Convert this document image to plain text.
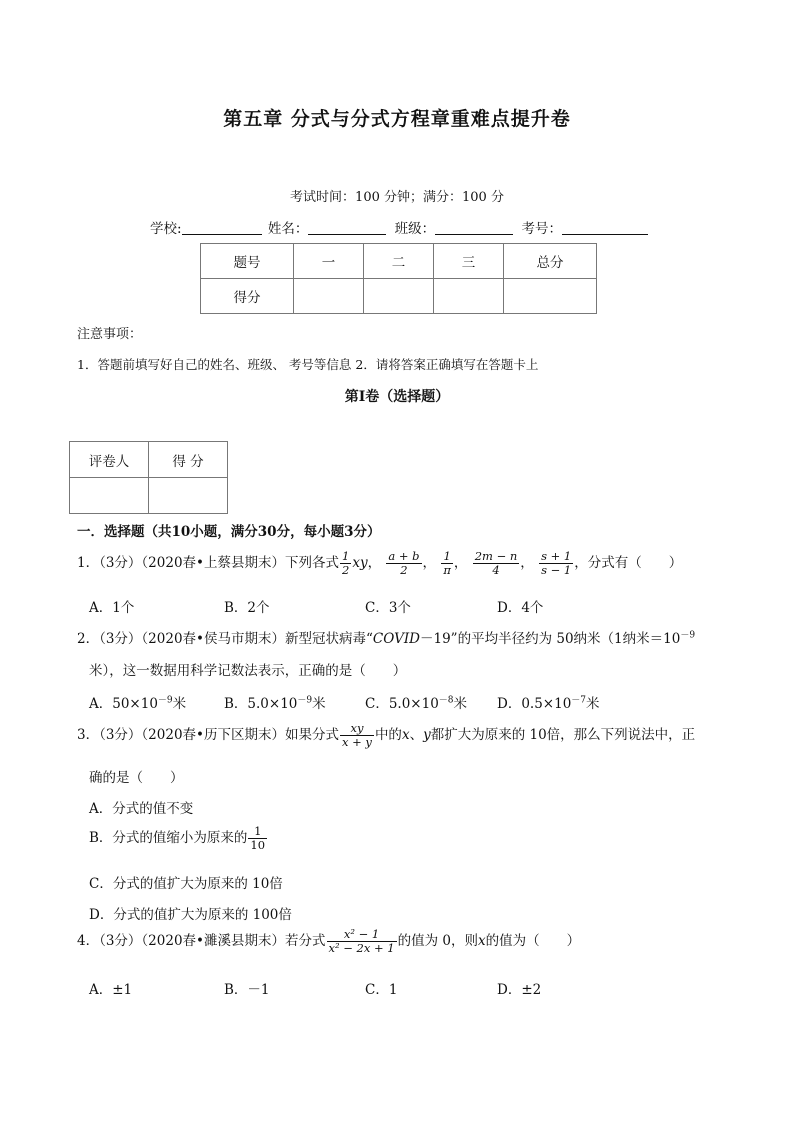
第五章 分式与分式方程章重难点提升卷
考试时间：100 分钟；满分：100 分
学校:	姓名：	班级：	考号：
题号	一	二	三	总分
得分				
注意事项：
1．答题前填写好自己的姓名、班级、 考号等信息 2．请将答案正确填写在答题卡上
第Ⅰ卷（选择题）
评卷人	得 分

一．选择题（共10小题，满分30分，每小题3分）
1．（3分）（2020春•上蔡县期末）下列各式 $\frac{1}{2}$ xy， $\frac{a + b}{2}$ ， $\frac{1}{\pi}$ ， $\frac{2m - n}{4}$ ， $\frac{s + 1}{s - 1}$ ，分式有（　　）
A．1个	B．2个	C．3个	D．4个
2．（3分）（2020春•侯马市期末）新型冠状病毒“COVID－19”的平均半径约为 50纳米（1纳米$=10^{-9}$
米），这一数据用科学记数法表示，正确的是（　　）
A．$50\times 10^{-9}$米	B．$5.0\times 10^{-9}$米	C．$5.0\times 10^{-8}$米 D．$0.5\times 10^{-7}$米
3．（3分）（2020春•历下区期末）如果分式 $\frac{xy}{x + y}$ 中的x、y都扩大为原来的 10倍，那么下列说法中，正
确的是（　　）
A．分式的值不变
B．分式的值缩小为原来的 $\frac{1}{10}$
C．分式的值扩大为原来的 10倍
D．分式的值扩大为原来的 100倍
4．（3分）（2020春•濉溪县期末）若分式 $\frac{\text{x² − 1}}{\text{x² − 2x + 1}}$ 的值为 0，则x的值为（　　）
A．±1	B．－1	C．1	D．±2
